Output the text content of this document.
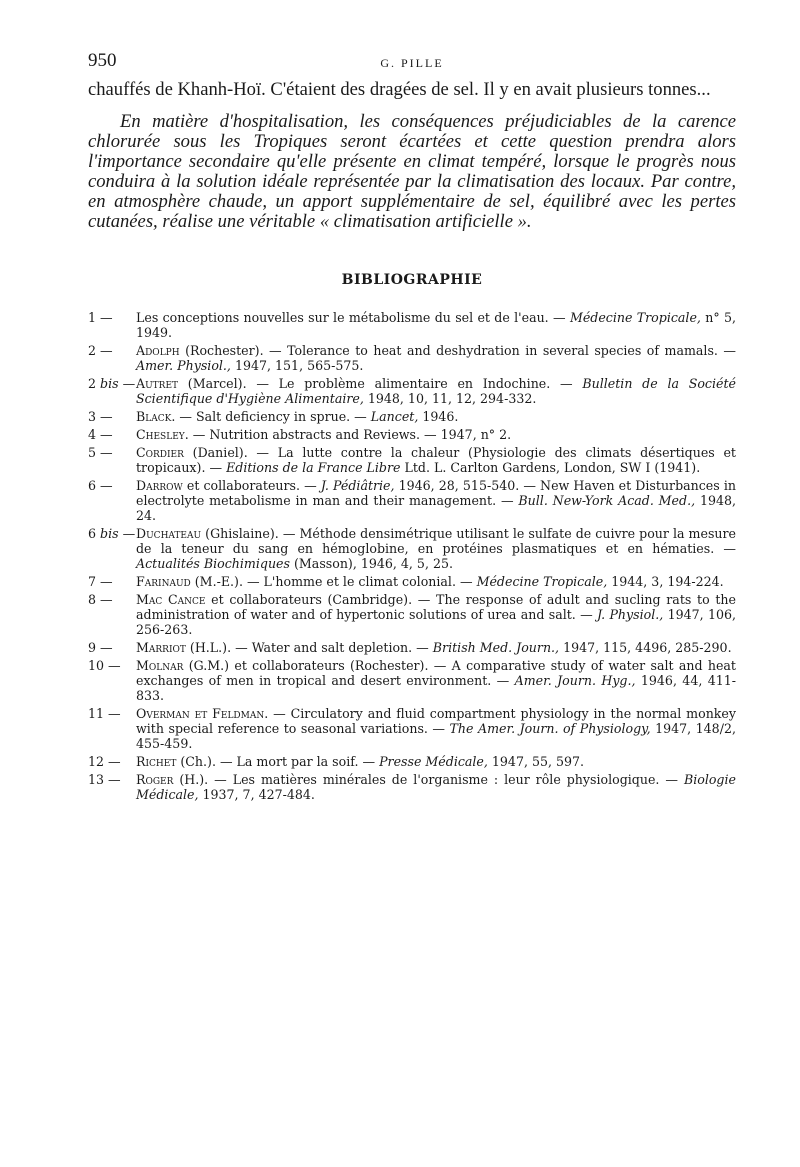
950	G. PILLE

chauffés de Khanh-Hoï. C'étaient des dragées de sel. Il y en avait plusieurs tonnes...

En matière d'hospitalisation, les conséquences préjudiciables de la carence chlorurée sous les Tropiques seront écartées et cette question prendra alors l'importance secondaire qu'elle présente en climat tempéré, lorsque le progrès nous conduira à la solution idéale représentée par la climatisation des locaux. Par contre, en atmosphère chaude, un apport supplémentaire de sel, équilibré avec les pertes cutanées, réalise une véritable « climatisation artificielle ».

BIBLIOGRAPHIE
1 —	Les conceptions nouvelles sur le métabolisme du sel et de l'eau. — Médecine Tropicale, n° 5, 1949.
2 —	Adolph (Rochester). — Tolerance to heat and deshydration in several species of mamals. — Amer. Physiol., 1947, 151, 565-575.
2 bis — Autret (Marcel). — Le problème alimentaire en Indochine. — Bulletin de la Société Scientifique d'Hygiène Alimentaire, 1948, 10, 11, 12, 294-332.
3 —	Black. — Salt deficiency in sprue. — Lancet, 1946.
4 —	Chesley. — Nutrition abstracts and Reviews. — 1947, n° 2.
5 —	Cordier (Daniel). — La lutte contre la chaleur (Physiologie des climats désertiques et tropicaux). — Editions de la France Libre Ltd. L. Carlton Gardens, London, SW I (1941).
6 —	Darrow et collaborateurs. — J. Pédiâtrie, 1946, 28, 515-540. — New Haven et Disturbances in electrolyte metabolisme in man and their management. — Bull. New-York Acad. Med., 1948, 24.
6 bis — Duchateau (Ghislaine). — Méthode densimétrique utilisant le sulfate de cuivre pour la mesure de la teneur du sang en hémoglobine, en protéines plasmatiques et en hématies. — Actualités Biochimiques (Masson), 1946, 4, 5, 25.
7 —	Farinaud (M.-E.). — L'homme et le climat colonial. — Médecine Tropicale, 1944, 3, 194-224.
8 —	Mac Cance et collaborateurs (Cambridge). — The response of adult and sucling rats to the administration of water and of hypertonic solutions of urea and salt. — J. Physiol., 1947, 106, 256-263.
9 —	Marriot (H.L.). — Water and salt depletion. — British Med. Journ., 1947, 115, 4496, 285-290.
10 —	Molnar (G.M.) et collaborateurs (Rochester). — A comparative study of water salt and heat exchanges of men in tropical and desert environment. — Amer. Journ. Hyg., 1946, 44, 411-833.
11 —	Overman et Feldman. — Circulatory and fluid compartment physiology in the normal monkey with special reference to seasonal variations. — The Amer. Journ. of Physiology, 1947, 148/2, 455-459.
12 —	Richet (Ch.). — La mort par la soif. — Presse Médicale, 1947, 55, 597.
13 —	Roger (H.). — Les matières minérales de l'organisme : leur rôle physiologique. — Biologie Médicale, 1937, 7, 427-484.
